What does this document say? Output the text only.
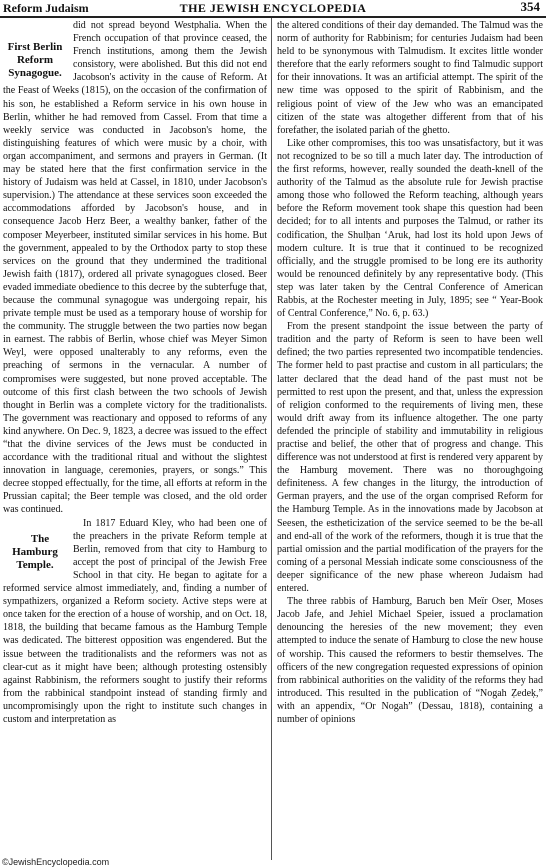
Reform Judaism	THE JEWISH ENCYCLOPEDIA	354

First Berlin Reform Synagogue.
did not spread beyond Westphalia. When the French occupation of that province ceased, the French institutions, among them the Jewish consistory, were abolished. But this did not end Jacobson's activity in the cause of Reform. At the Feast of Weeks (1815), on the occasion of the confirmation of his son, he established a Reform service in his own house in Berlin, whither he had removed from Cassel. From that time a weekly service was conducted in Jacobson's home, the distinguishing features of which were music by a choir, with organ accompaniment, and sermons and prayers in German. (It may be stated here that the first confirmation service in the history of Judaism was held at Cassel, in 1810, under Jacobson's supervision.) The attendance at these services soon exceeded the accommodations afforded by Jacobson's house, and in consequence Jacob Herz Beer, a wealthy banker, father of the composer Meyerbeer, instituted similar services in his home. But the government, appealed to by the Orthodox party to stop these services on the ground that they undermined the traditional Jewish faith (1817), ordered all private synagogues closed. Beer evaded immediate obedience to this decree by the subterfuge that, because the communal synagogue was undergoing repair, his private temple must be used as a temporary house of worship for the community. The struggle between the two parties now began in earnest. The rabbis of Berlin, whose chief was Meyer Simon Weyl, were opposed unalterably to any reforms, even the preaching of sermons in the vernacular. A number of compromises were suggested, but none proved acceptable. The outcome of this first clash between the two schools of Jewish thought in Berlin was a complete victory for the traditionalists. The government was reactionary and opposed to reforms of any kind anywhere. On Dec. 9, 1823, a decree was issued to the effect “that the divine services of the Jews must be conducted in accordance with the traditional ritual and without the slightest innovation in language, ceremonies, prayers, or songs.” This decree stopped effectually, for the time, all efforts at reform in the Prussian capital; the Beer temple was closed, and the old order was continued.

The Hamburg Temple.
In 1817 Eduard Kley, who had been one of the preachers in the private Reform temple at Berlin, removed from that city to Hamburg to accept the post of principal of the Jewish Free School in that city. He began to agitate for a reformed service almost immediately, and, finding a number of sympathizers, organized a Reform society. Active steps were at once taken for the erection of a house of worship, and on Oct. 18, 1818, the building that became famous as the Hamburg Temple was dedicated. The bitterest opposition was engendered. But the issue between the traditionalists and the reformers was not as clear-cut as it might have been; although protesting ostensibly against Rabbinism, the reformers sought to justify their reforms from the rabbinical standpoint instead of standing firmly and uncompromisingly upon the right to institute such changes in custom and interpretation as

the altered conditions of their day demanded. The Talmud was the norm of authority for Rabbinism; for centuries Judaism had been held to be synonymous with Talmudism. It excites little wonder therefore that the early reformers sought to find Talmudic support for their innovations. It was an artificial attempt. The spirit of the new time was opposed to the spirit of Rabbinism, and the religious point of view of the Jew who was an emancipated citizen of the state was altogether different from that of his forefather, the isolated pariah of the ghetto.

Like other compromises, this too was unsatisfactory, but it was not recognized to be so till a much later day. The introduction of the first reforms, however, really sounded the death-knell of the authority of the Talmud as the absolute rule for Jewish practise among those who followed the Reform teaching, although years before the Reform movement took shape this question had been decided; for to all intents and purposes the Talmud, or rather its codification, the Shulḥan ‘Aruk, had lost its hold upon Jews of modern culture. It is true that it continued to be recognized officially, and the struggle promised to be long ere its authority would be renounced definitely by any representative body. (This step was later taken by the Central Conference of American Rabbis, at the Rochester meeting in July, 1895; see “ Year-Book of Central Conference,” No. 6, p. 63.)

From the present standpoint the issue between the party of tradition and the party of Reform is seen to have been well defined; the two parties represented two incompatible tendencies. The former held to past practise and custom in all particulars; the latter declared that the dead hand of the past must not be permitted to rest upon the present, and that, unless the expression of religion conformed to the requirements of living men, these would drift away from its influence altogether. The one party defended the principle of stability and immutability in religious practise and belief, the other that of progress and change. This difference was not understood at first is rendered very apparent by the Hamburg movement. There was no thoroughgoing definiteness. A few changes in the liturgy, the introduction of German prayers, and the use of the organ comprised Reform for the Hamburg Temple. As in the innovations made by Jacobson at Seesen, the estheticization of the service seemed to be the be-all and end-all of the work of the reformers, though it is true that the partial omission and the partial modification of the prayers for the coming of a personal Messiah indicate some consciousness of the deeper significance of the new phase whereon Judaism had entered.

The three rabbis of Hamburg, Baruch ben Meïr Oser, Moses Jacob Jafe, and Jehiel Michael Speier, issued a proclamation denouncing the heresies of the new movement; they even attempted to induce the senate of Hamburg to close the new house of worship. This caused the reformers to bestir themselves. The officers of the new congregation requested expressions of opinion from rabbinical authorities on the validity of the reforms they had introduced. This resulted in the publication of “Nogah Ẓedeḳ,” with an appendix, “Or Nogah” (Dessau, 1818), containing a number of opinions

©JewishEncyclopedia.com
